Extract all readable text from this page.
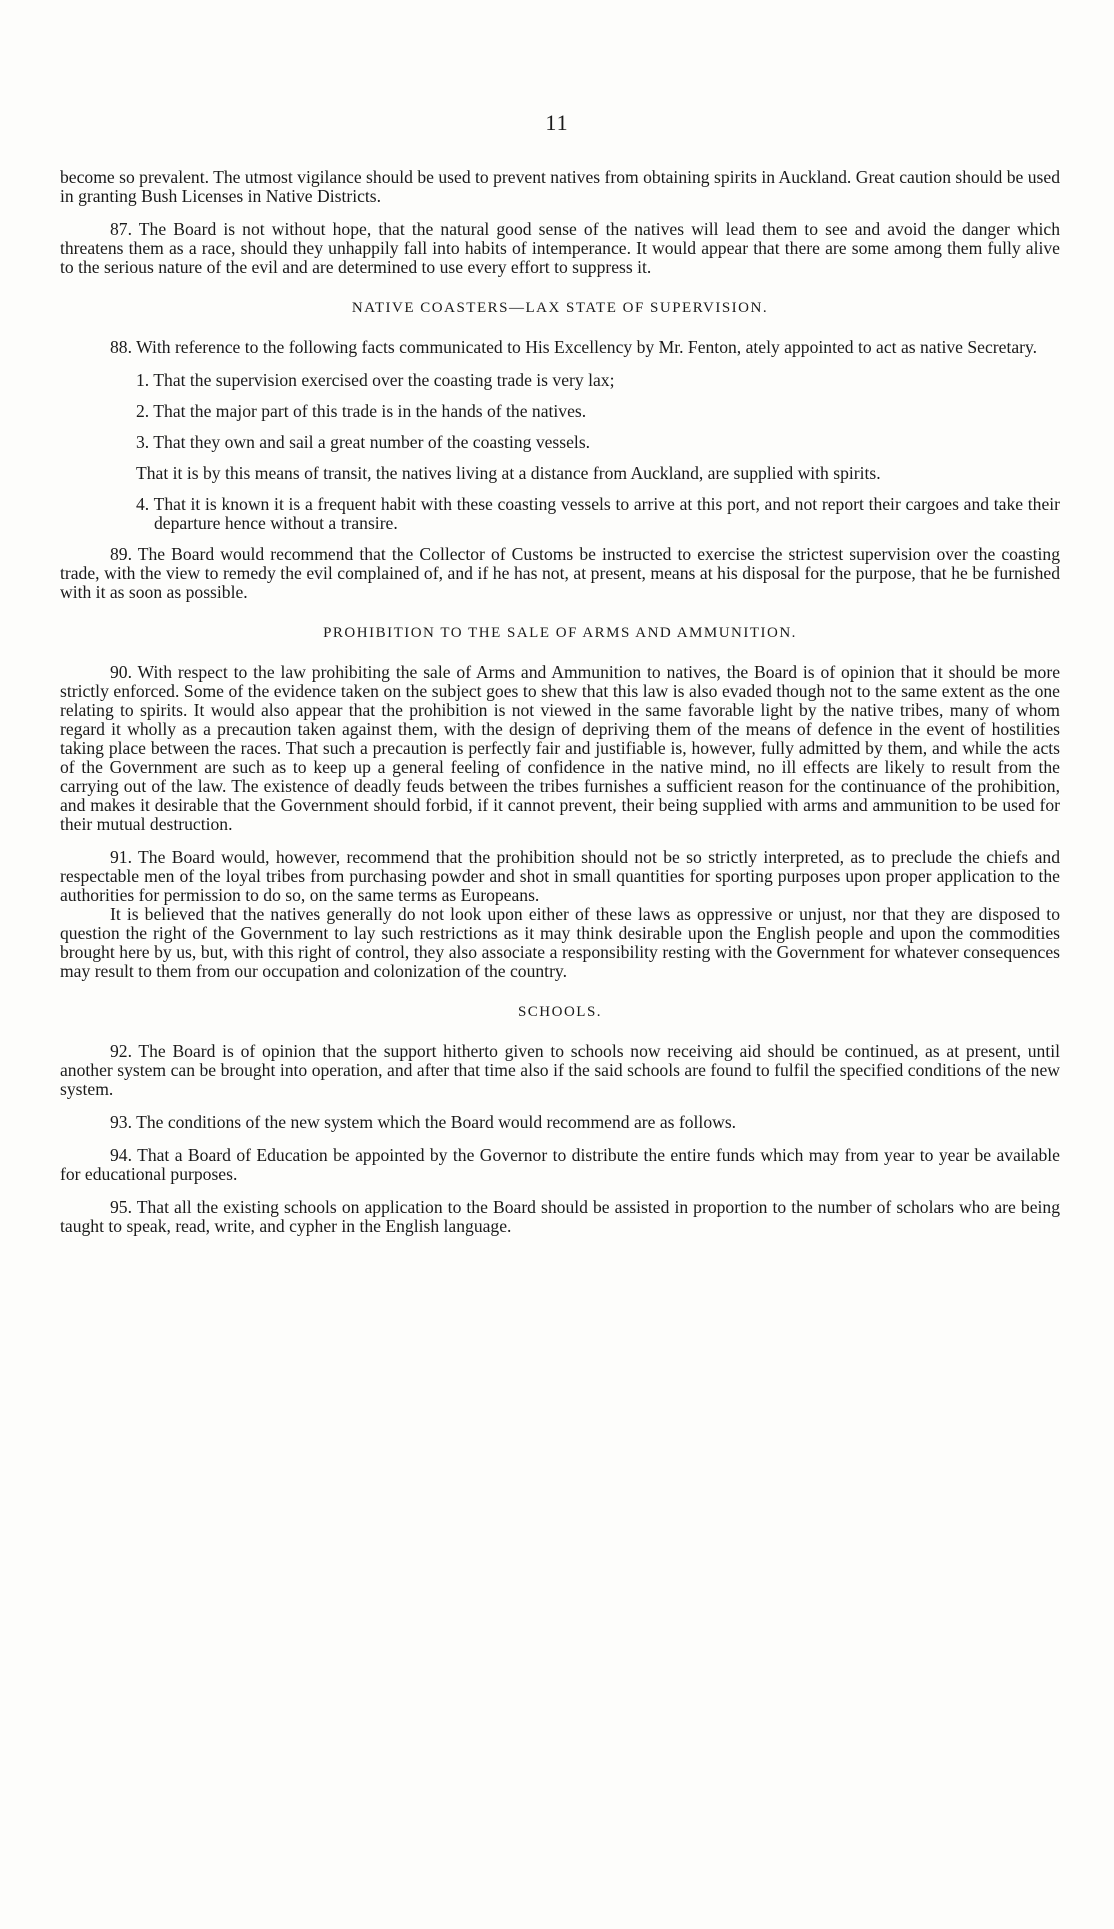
11

become so prevalent. The utmost vigilance should be used to prevent natives from obtaining spirits in Auckland. Great caution should be used in granting Bush Licenses in Native Districts.

87. The Board is not without hope, that the natural good sense of the natives will lead them to see and avoid the danger which threatens them as a race, should they unhappily fall into habits of intemperance. It would appear that there are some among them fully alive to the serious nature of the evil and are determined to use every effort to suppress it.

NATIVE COASTERS—LAX STATE OF SUPERVISION.

88. With reference to the following facts communicated to His Excellency by Mr. Fenton, ately appointed to act as native Secretary.

1. That the supervision exercised over the coasting trade is very lax;

2. That the major part of this trade is in the hands of the natives.

3. That they own and sail a great number of the coasting vessels.

That it is by this means of transit, the natives living at a distance from Auckland, are supplied with spirits.

4. That it is known it is a frequent habit with these coasting vessels to arrive at this port, and not report their cargoes and take their departure hence without a transire.

89. The Board would recommend that the Collector of Customs be instructed to exercise the strictest supervision over the coasting trade, with the view to remedy the evil complained of, and if he has not, at present, means at his disposal for the purpose, that he be furnished with it as soon as possible.

PROHIBITION TO THE SALE OF ARMS AND AMMUNITION.

90. With respect to the law prohibiting the sale of Arms and Ammunition to natives, the Board is of opinion that it should be more strictly enforced. Some of the evidence taken on the subject goes to shew that this law is also evaded though not to the same extent as the one relating to spirits. It would also appear that the prohibition is not viewed in the same favorable light by the native tribes, many of whom regard it wholly as a precaution taken against them, with the design of depriving them of the means of defence in the event of hostilities taking place between the races. That such a precaution is perfectly fair and justifiable is, however, fully admitted by them, and while the acts of the Government are such as to keep up a general feeling of confidence in the native mind, no ill effects are likely to result from the carrying out of the law. The existence of deadly feuds between the tribes furnishes a sufficient reason for the continuance of the prohibition, and makes it desirable that the Government should forbid, if it cannot prevent, their being supplied with arms and ammunition to be used for their mutual destruction.

91. The Board would, however, recommend that the prohibition should not be so strictly interpreted, as to preclude the chiefs and respectable men of the loyal tribes from purchasing powder and shot in small quantities for sporting purposes upon proper application to the authorities for permission to do so, on the same terms as Europeans.

It is believed that the natives generally do not look upon either of these laws as oppressive or unjust, nor that they are disposed to question the right of the Government to lay such restrictions as it may think desirable upon the English people and upon the commodities brought here by us, but, with this right of control, they also associate a responsibility resting with the Government for whatever consequences may result to them from our occupation and colonization of the country.

SCHOOLS.

92. The Board is of opinion that the support hitherto given to schools now receiving aid should be continued, as at present, until another system can be brought into operation, and after that time also if the said schools are found to fulfil the specified conditions of the new system.

93. The conditions of the new system which the Board would recommend are as follows.

94. That a Board of Education be appointed by the Governor to distribute the entire funds which may from year to year be available for educational purposes.

95. That all the existing schools on application to the Board should be assisted in proportion to the number of scholars who are being taught to speak, read, write, and cypher in the English language.
